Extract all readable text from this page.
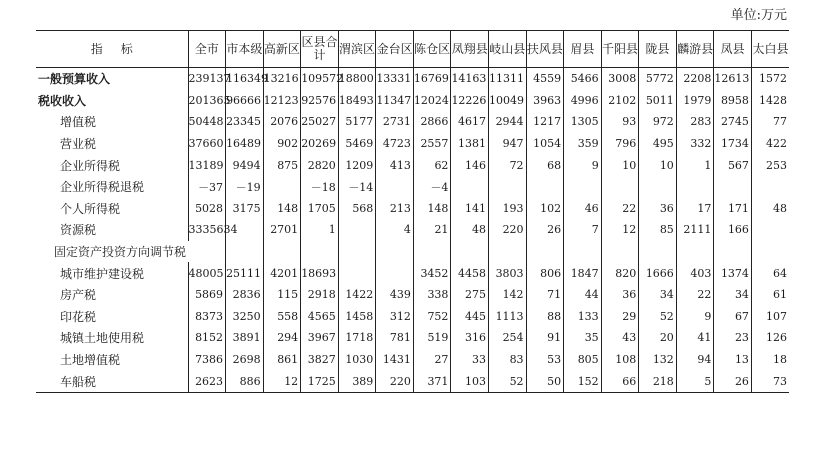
单位:万元
指标	全市	市本级	高新区	区县合计	渭滨区	金台区	陈仓区	凤翔县	岐山县	扶风县	眉县	千阳县	陇县	麟游县	凤县	太白县
一般预算收入	239137	116349	13216	109572	18800	13331	16769	14163	11311	4559	5466	3008	5772	2208	12613	1572
税收收入	201365	96666	12123	92576	18493	11347	12024	12226	10049	3963	4996	2102	5011	1979	8958	1428
增值税	50448	23345	2076	25027	5177	2731	2866	4617	2944	1217	1305	93	972	283	2745	77
营业税	37660	16489	902	20269	5469	4723	2557	1381	947	1054	359	796	495	332	1734	422
企业所得税	13189	9494	875	2820	1209	413	62	146	72	68	9	10	10	1	567	253
企业所得税退税	－37	－19		－18	－14		－4									
个人所得税	5028	3175	148	1705	568	213	148	141	193	102	46	22	36	17	171	48
资源税	3335634		2701	1		4	21	48	220	26	7	12	85	2111	166	
固定资产投资方向调节税																
城市维护建设税	48005	25111	4201	18693			3452	4458	3803	806	1847	820	1666	403	1374	64
房产税	5869	2836	115	2918	1422	439	338	275	142	71	44	36	34	22	34	61
印花税	8373	3250	558	4565	1458	312	752	445	1113	88	133	29	52	9	67	107
城镇土地使用税	8152	3891	294	3967	1718	781	519	316	254	91	35	43	20	41	23	126
土地增值税	7386	2698	861	3827	1030	1431	27	33	83	53	805	108	132	94	13	18
车船税	2623	886	12	1725	389	220	371	103	52	50	152	66	218	5	26	73
